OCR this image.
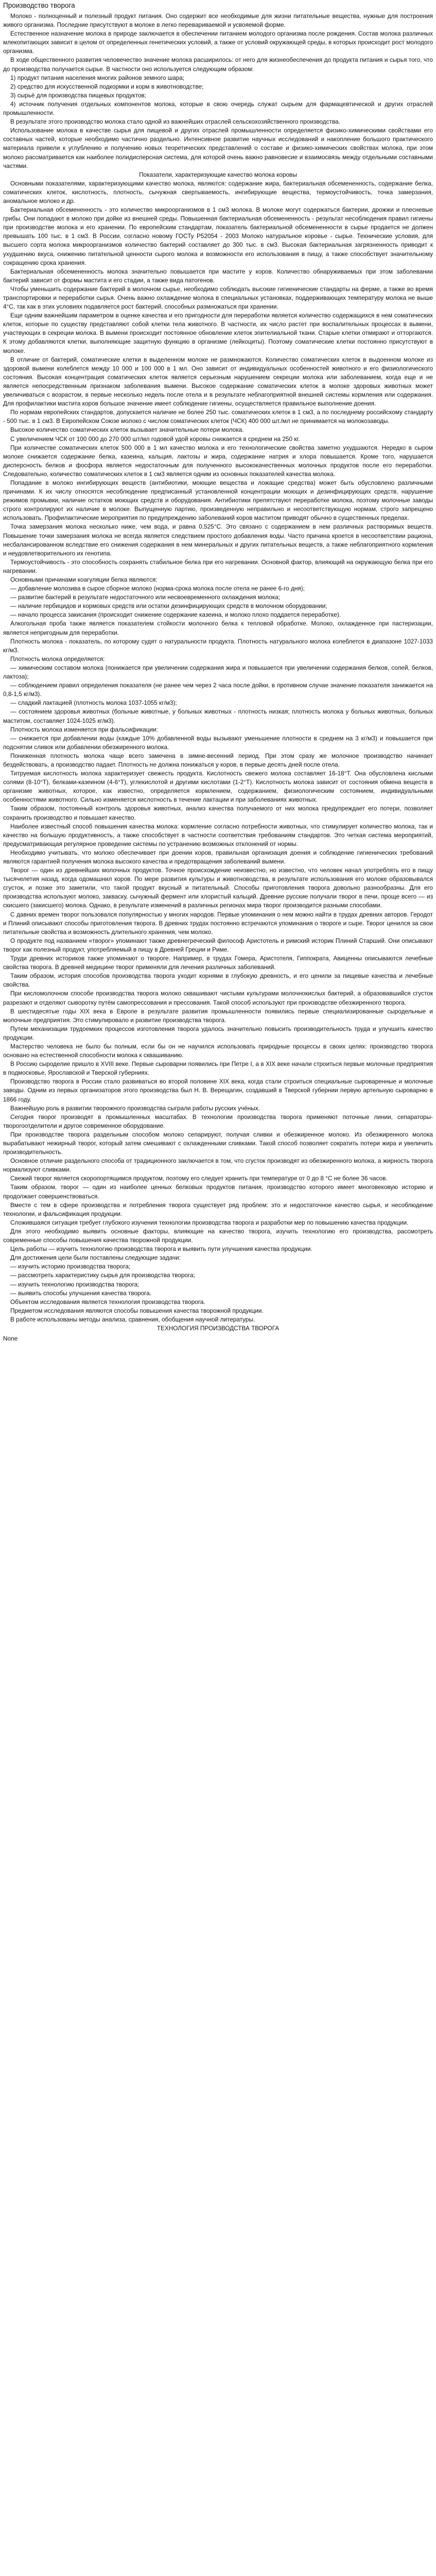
Производство творога

Молоко - полноценный и полезный продукт питания. Оно содержит все необходимые для жизни питательные вещества, нужные для построения живого организма. Последние присутствуют в молоке в легко перевариваемой и усвояемой форме.

Естественное назначение молока в природе заключается в обеспечении питанием молодого организма после рождения. Состав молока различных млекопитающих зависит в целом от определенных генетических условий, а также от условий окружающей среды, в которых происходит рост молодого организма.

В ходе общественного развития человечество значение молока расширилось: от него для жизнеобеспечения до продукта питания и сырья того, что до производства получается сырье. В частности оно используется следующим образом:

1) продукт питания населения многих районов земного шара;

2) средство для искусственной подкормки и корм в животноводстве;

3) сырьё для производства пищевых продуктов;

4) источник получения отдельных компонентов молока, которые в свою очередь служат сырьем для фармацевтической и других отраслей промышленности.

В результате этого производство молока стало одной из важнейших отраслей сельскохозяйственного производства.

Использование молока в качестве сырья для пищевой и других отраслей промышленности определяется физико-химическими свойствами его составных частей, которые необходимо частично раздельно. Интенсивное развитие научных исследований и накопление большого практического материала привели к углублению и получению новых теоретических представлений о составе и физико-химических свойствах молока, при этом молоко рассматривается как наиболее полидисперсная система, для которой очень важно равновесие и взаимосвязь между отдельными составными частями.

Показатели, характеризующие качество молока коровы

Основными показателями, характеризующими качество молока, являются: содержание жира, бактериальная обсемененность, содержание белка, соматических клеток, кислотность, плотность, сычужная свертываемость, ингибирующие вещества, термоустойчивость, точка замерзания, аномальное молоко и др.

Бактериальная обсемененность - это количество микроорганизмов в 1 см3 молока. В молоке могут содержаться бактерии, дрожжи и плесневые грибы. Они попадают в молоко при дойке из внешней среды. Повышенная бактериальная обсемененность - результат несоблюдения правил гигиены при производстве молока и его хранении. По европейским стандартам, показатель бактериальной обсемененности в сырье продается не должен превышать 100 тыс. в 1 см3. В России, согласно новому ГОСТу Р52054 - 2003 Молоко натуральное коровье - сырье. Технические условия, для высшего сорта молока микроорганизмов количество бактерий составляет до 300 тыс. в см3. Высокая бактериальная загрязненность приводит к ухудшению вкуса, снижению питательной ценности сырого молока и возможности его использования в пищу, а также способствует значительному сокращению срока хранения.

Бактериальная обсемененность молока значительно повышается при мастите у коров. Количество обнаруживаемых при этом заболевании бактерий зависит от формы мастита и его стадии, а также вида патогенов.

Чтобы уменьшить содержание бактерий в молочном сырье, необходимо соблюдать высокие гигиенические стандарты на ферме, а также во время транспортировки и переработки сырья. Очень важно охлаждение молока в специальных установках, поддерживающих температуру молока не выше 4°С, так как в этих условиях подавляется рост бактерий, способных размножаться при хранении.

Еще одним важнейшим параметром в оценке качества и его пригодности для переработки является количество содержащихся в нем соматических клеток, которые по существу представляют собой клетки тела животного. В частности, их число растет при воспалительных процессах в вымени, участвующих в секреции молока. В вымени происходит постоянное обновление клеток эпителиальной ткани. Старые клетки отмирают и отторгаются. К этому добавляются клетки, выполняющие защитную функцию в организме (лейкоциты). Поэтому соматические клетки постоянно присутствуют в молоке.

В отличие от бактерий, соматические клетки в выделенном молоке не размножаются. Количество соматических клеток в выдоенном молоке из здоровой вымени колеблется между 10 000 и 100 000 в 1 мл. Оно зависит от индивидуальных особенностей животного и его физиологического состояния. Высокая концентрация соматических клеток является серьезным нарушением секреции молока или заболеванием, когда еще и не является непосредственным признаком заболевания вымени. Высокое содержание соматических клеток в молоке здоровых животных может увеличиваться с возрастом, в первые несколько недель после отела и в результате неблагоприятной внешней системы кормления или содержания. Для профилактики мастита коров большое значение имеет соблюдение гигиены, осуществляется правильное выполнение доения.

По нормам европейских стандартов, допускается наличие не более 250 тыс. соматических клеток в 1 см3, а по последнему российскому стандарту - 500 тыс. в 1 см3. В Европейском Союзе молоко с числом соматических клеток (ЧСК) 400 000 шт./мл не принимается на молокозаводы.

Высокое количество соматических клеток вызывает значительные потери молока.

С увеличением ЧСК от 100 000 до 270 000 шт/мл годовой удой коровы снижается в среднем на 250 кг.

При количестве соматических клеток 500 000 в 1 мл качество молока и его технологические свойства заметно ухудшаются. Нередко в сыром молоке снижается содержание белка, казеина, кальция, лактозы и жира, содержание натрия и хлора повышается. Кроме того, нарушается дисперсность белков и фосфора является недостаточным для полученного высококачественных молочных продуктов после его переработки. Следовательно, количество соматических клеток в 1 см3 является одним из основных показателей качества молока.

Попадание в молоко ингибирующих веществ (антибиотики, моющие вещества и ложащие средства) может быть обусловлено различными причинами. К их числу относятся несоблюдение предписанный установленной концентрации моющих и дезинфицирующих средств, нарушение режимов промывки, наличие остатков моющих средств и оборудования. Антибиотики препятствуют переработке молока, поэтому молочные заводы строго контролируют их наличие в молоке. Выпущенную партию, произведенную неправильно и несоответствующую нормам, строго запрещено использовать. Профилактические мероприятия по предупреждению заболеваний коров маститом приводят обычно в существенных пределах.

Точка замерзания молока несколько ниже, чем вода, и равна 0,525°С. Это связано с содержанием в нем различных растворимых веществ. Повышение точки замерзания молока не всегда является следствием простого добавления воды. Часто причина кроется в несоответствии рациона, несбалансированном вследствие его снижения содержания в нем минеральных и других питательных веществ, а также неблагоприятного кормления и неудовлетворительного их генотипа.

Термоустойчивость - это способность сохранять стабильное белка при его нагревании. Основной фактор, влияющий на окружающую белка при его нагревании.

Основными причинами коагуляции белка являются:

— добавление молозива в сырое сборное молоко (норма-срока молока после отела не ранее 6-го дня);

— развитие бактерий в результате недостаточного или несвоевременного охлаждения молока;

— наличие гербицидов и кормовых средств или остатки дезинфицирующих средств в молочном оборудовании;

— начало процесса закисания (происходит снижение содержание казеина, и молоко плохо поддается переработке).

Алкогольная проба также является показателем стойкости молочного белка к тепловой обработке. Молоко, охлажденное при пастеризации, является непригодным для переработки.

Плотность молока - показатель, по которому судят о натуральности продукта. Плотность натурального молока колеблется в диапазоне 1027-1033 кг/м3.

Плотность молока определяется:

— химическим составом молока (понижается при увеличении содержания жира и повышается при увеличении содержания белков, солей, белков, лактоза);

— соблюдением правил определения показателя (не ранее чем через 2 часа после дойки, в противном случае значение показателя занижается на 0,8-1,5 кг/м3).

— сладкий лактацией (плотность молока 1037-1055 кг/м3);

— состоянием здоровья животных (больные животные, у больных животных - плотность низкая; плотность молока у больных животных, больных маститом, составляет 1024-1025 кг/м3).

Плотность молока изменяется при фальсификации:

— снижается при добавлении воды (каждые 10% добавленной воды вызывают уменьшение плотности в среднем на 3 кг/м3) и повышается при подснятии сливок или добавлении обезжиренного молока.

Пониженная плотность молока чаще всего замечена в зимне-весенний период. При этом сразу же молочное производство начинает бездействовать, а производство падает. Плотность не должна понижаться у коров, в первые десять дней после отела.

Титруемая кислотность молока характеризует свежесть продукта. Кислотность свежего молока составляет 16-18°Т. Она обусловлена кислыми солями (8-10°Т), белками-казеином (4-6°Т), углекислотой и другими кислотами (1-2°Т). Кислотность молока зависит от состояния обмена веществ в организме животных, которое, как известно, определяется кормлением, содержанием, физиологическим состоянием, индивидуальными особенностями животного. Сильно изменяется кислотность в течение лактации и при заболеваниях животных.

Таким образом, постоянный контроль здоровья животных, анализ качества получаемого от них молока предупреждает его потери, позволяет сохранить производство и повышает качество.

Наиболее известный способ повышения качества молока: кормление согласно потребности животных, что стимулирует количество молока, так и качество на большую продуктивность, а также способствует в частности соответствия требованиям стандартов. Это четкая система мероприятий, предусматривающая регулярное проведение системы по устранению возможных отклонений от нормы.

Необходимо учитывать, что молоко обеспечивает при доении коров, правильная организация доения и соблюдение гигиенических требований являются гарантией получения молока высокого качества и предотвращения заболеваний вымени.

Творог — один из древнейших молочных продуктов. Точное происхождение неизвестно, но известно, что человек начал употреблять его в пищу тысячелетия назад, когда одомашнил коров. По мере развития культуры и животноводства, в результате использования его молоке образовывался сгусток, и позже это заметили, что такой продукт вкусный и питательный. Способы приготовления творога довольно разнообразны. Для его производства используют молоко, закваску, сычужный фермент или хлористый кальций. Древние русские получали творог в печи, проще всего — из скисшего (закисшего) молока. Однако, в результате изменений в различных регионах мира творог производится разными способами.

С давних времен творог пользовался популярностью у многих народов. Первые упоминания о нем можно найти в трудах древних авторов. Геродот и Плиний описывают способы приготовления творога. В древних трудах постоянно встречаются упоминания о твороге и сыре. Творог ценился за свои питательные свойства и возможность длительного хранения, чем молоко.

О продукте под названием «творог» упоминают также древнегреческий философ Аристотель и римский историк Плиний Старший. Они описывают творог как полезный продукт, употребляемый в пищу в Древней Греции и Риме.

Труди древних историков также упоминают о твороге. Например, в трудах Гомера, Аристотеля, Гиппократа, Авиценны описываются лечебные свойства творога. В древней медицине творог применяли для лечения различных заболеваний.

Таким образом, история способов производства творога уходит корнями в глубокую древность, и его ценили за пищевые качества и лечебные свойства.

При кисломолочном способе производства творога молоко сквашивают чистыми культурами молочнокислых бактерий, а образовавшийся сгусток разрезают и отделяют сыворотку путём самопрессования и прессования. Такой способ используют при производстве обезжиренного творога.

В шестидесятые годы XIX века в Европе в результате развития промышленности появились первые специализированные сыродельные и молочные предприятия. Это стимулировало и развитие производства творога.

Путем механизации трудоемких процессов изготовления творога удалось значительно повысить производительность труда и улучшить качество продукции.

Мастерство человека не было бы полным, если бы он не научился использовать природные процессы в своих целях: производство творога основано на естественной способности молока к сквашиванию.

В Россию сыроделие пришло в XVIII веке. Первые сыроварни появились при Петре I, а в XIX веке начали строиться первые молочные предприятия в подмосковье, Ярославской и Тверской губерниях.

Производство творога в России стало развиваться во второй половине XIX века, когда стали строиться специальные сыроваренные и молочные заводы. Одним из первых организаторов этого производства был Н. В. Верещагин, создавший в Тверской губернии первую артельную сыроварню в 1866 году.

Важнейшую роль в развитии творожного производства сыграли работы русских учёных.

Сегодня творог производят в промышленных масштабах. В технологии производства творога применяют поточные линии, сепараторы-творогоотделители и другое современное оборудование.

При производстве творога раздельным способом молоко сепарируют, получая сливки и обезжиренное молоко. Из обезжиренного молока вырабатывают нежирный творог, который затем смешивают с охлажденными сливками. Такой способ позволяет сократить потери жира и увеличить производительность.

Основное отличие раздельного способа от традиционного заключается в том, что сгусток производят из обезжиренного молока, а жирность творога нормализуют сливками.

Свежий творог является скоропортящимся продуктом, поэтому его следует хранить при температуре от 0 до 8 °С не более 36 часов.

Таким образом, творог — один из наиболее ценных белковых продуктов питания, производство которого имеет многовековую историю и продолжает совершенствоваться.

Вместе с тем в сфере производства и потребления творога существует ряд проблем: это и недостаточное качество сырья, и несоблюдение технологии, и фальсификация продукции.

Сложившаяся ситуация требует глубокого изучения технологии производства творога и разработки мер по повышению качества продукции.

Для этого необходимо выявить основные факторы, влияющие на качество творога, изучить технологию его производства, рассмотреть современные способы повышения качества творожной продукции.

Цель работы — изучить технологию производства творога и выявить пути улучшения качества продукции.

Для достижения цели были поставлены следующие задачи:

— изучить историю производства творога;

— рассмотреть характеристику сырья для производства творога;

— изучить технологию производства творога;

— выявить способы улучшения качества творога.

Объектом исследования является технология производства творога.

Предметом исследования являются способы повышения качества творожной продукции.

В работе использованы методы анализа, сравнения, обобщения научной литературы.

ТЕХНОЛОГИЯ ПРОИЗВОДСТВА ТВОРОГА

None
